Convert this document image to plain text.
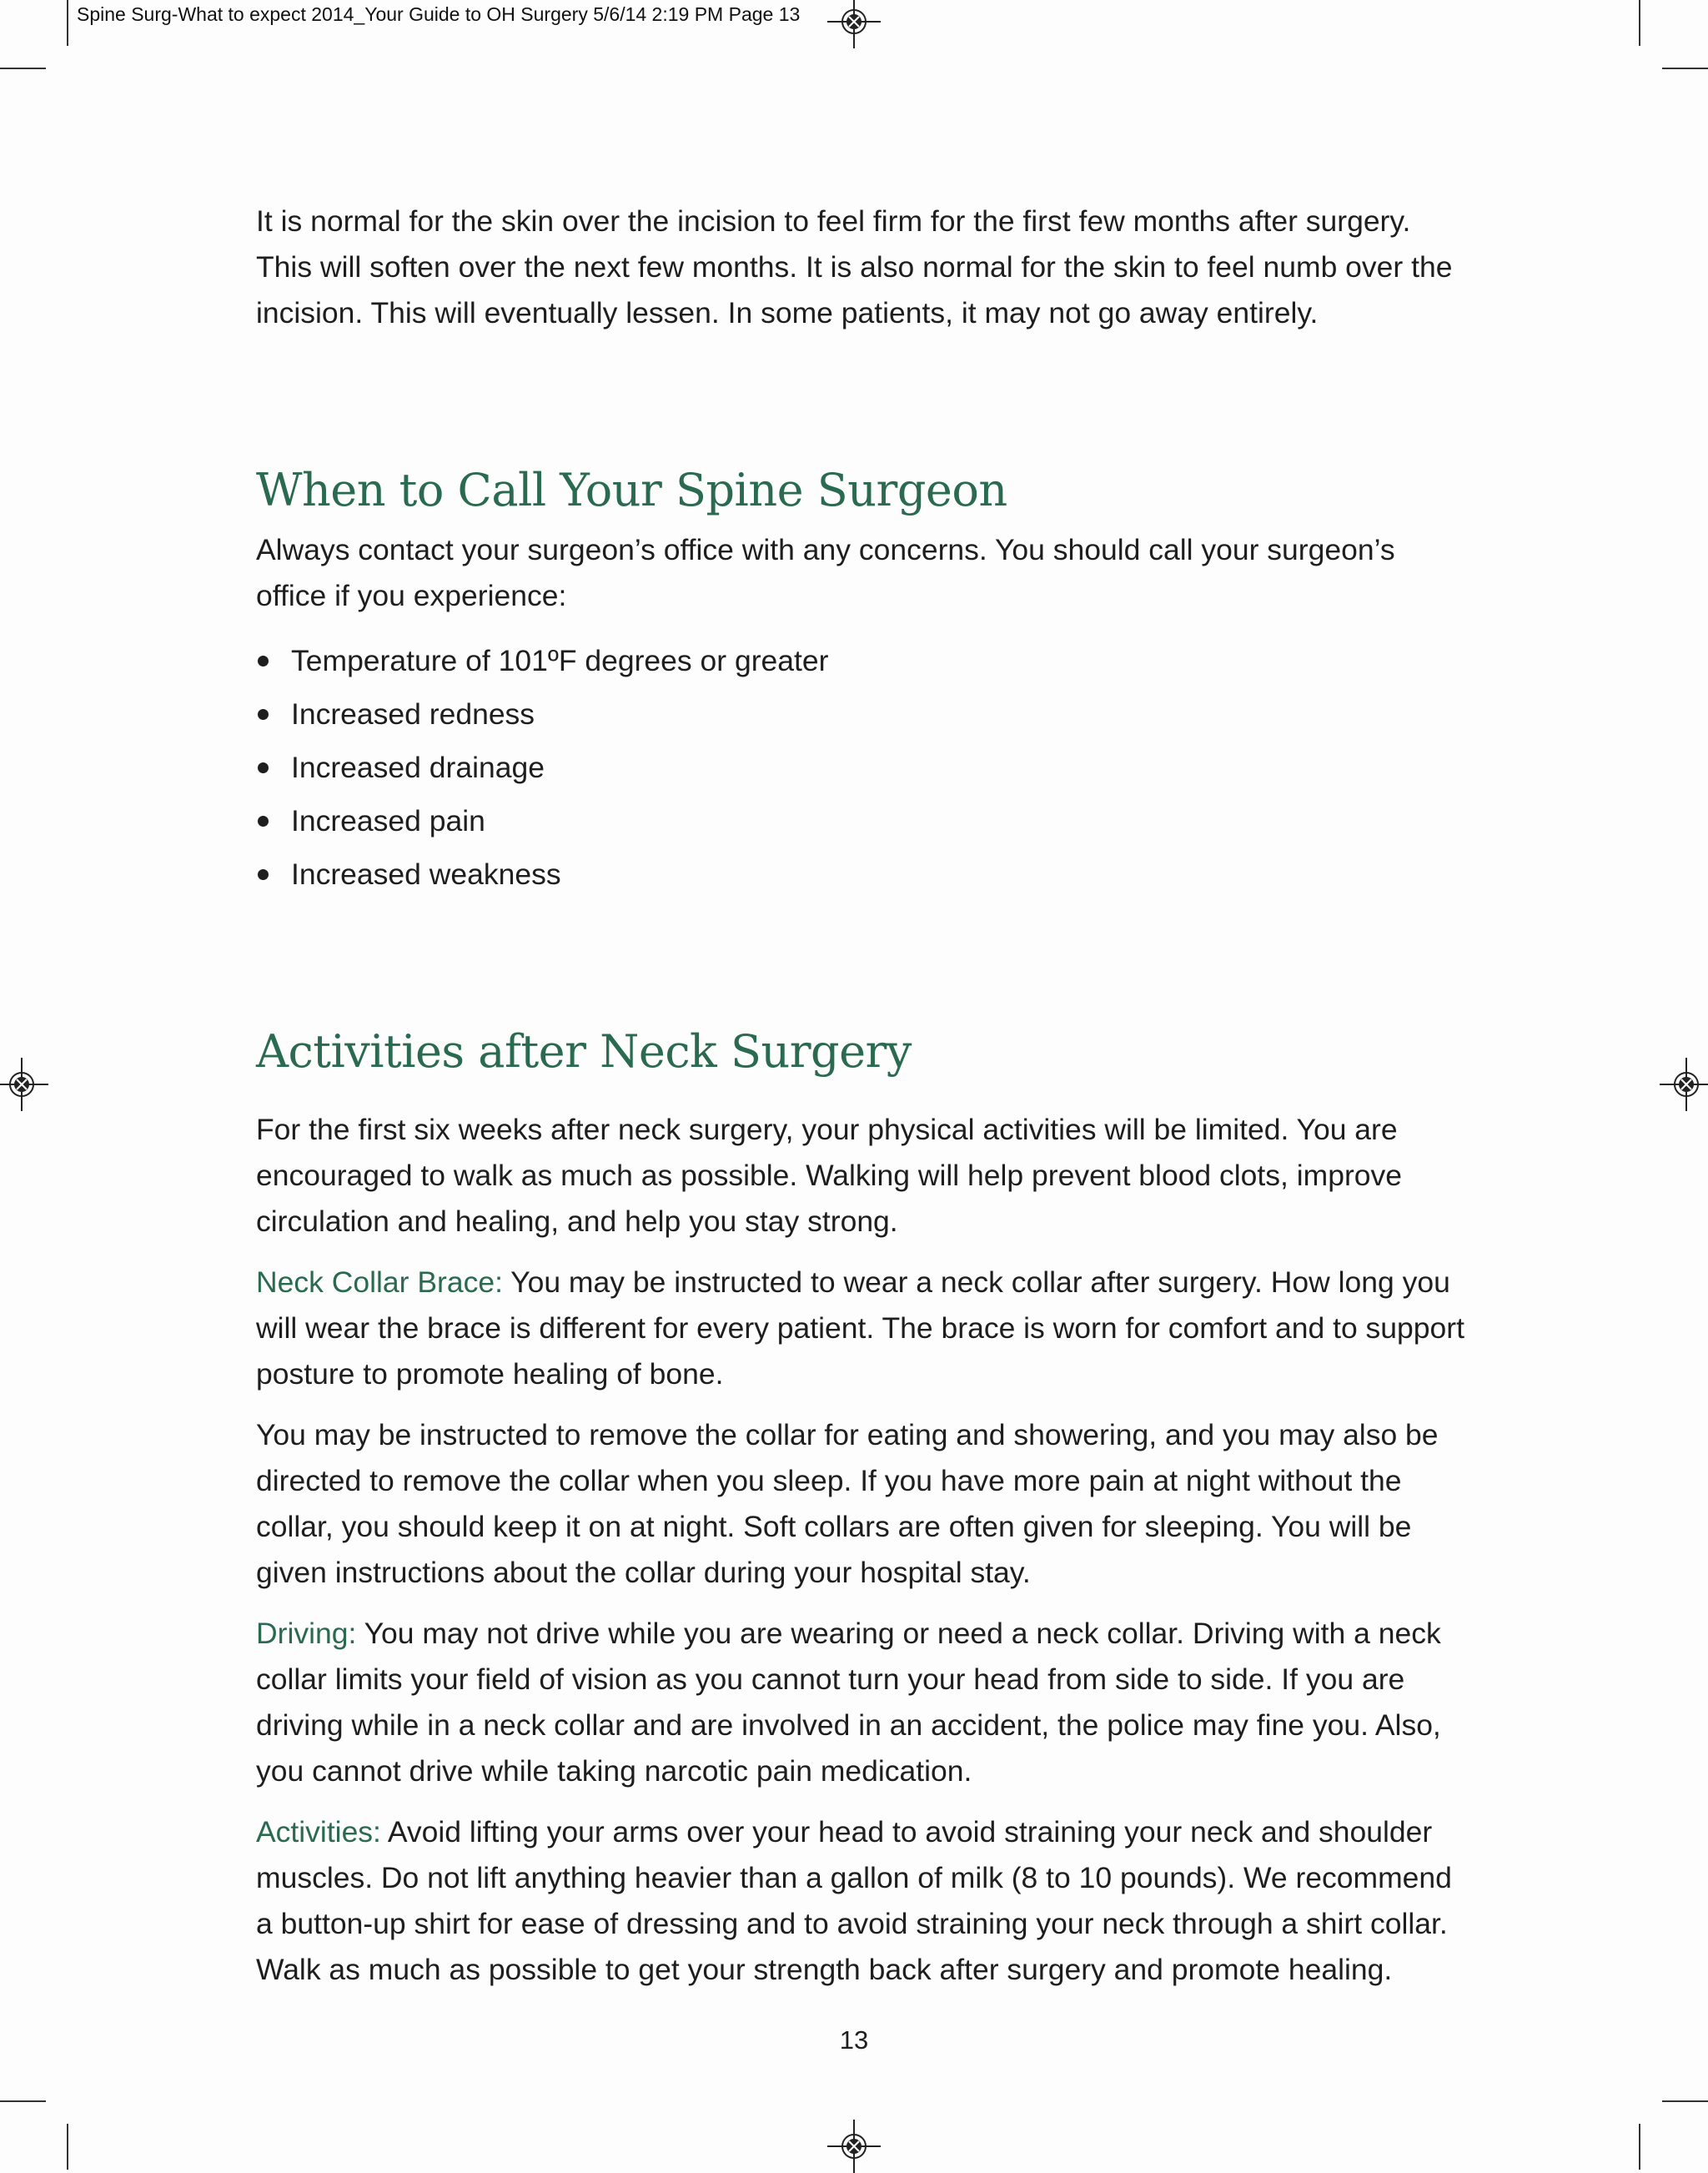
Spine Surg-What to expect 2014_Your Guide to OH Surgery 5/6/14 2:19 PM Page 13

It is normal for the skin over the incision to feel firm for the first few months after surgery. This will soften over the next few months. It is also normal for the skin to feel numb over the incision. This will eventually lessen. In some patients, it may not go away entirely.

When to Call Your Spine Surgeon

Always contact your surgeon’s office with any concerns. You should call your surgeon’s office if you experience:

Temperature of 101ºF degrees or greater
Increased redness
Increased drainage
Increased pain
Increased weakness
Activities after Neck Surgery

For the first six weeks after neck surgery, your physical activities will be limited. You are encouraged to walk as much as possible. Walking will help prevent blood clots, improve circulation and healing, and help you stay strong.

Neck Collar Brace: You may be instructed to wear a neck collar after surgery. How long you will wear the brace is different for every patient. The brace is worn for comfort and to support posture to promote healing of bone.

You may be instructed to remove the collar for eating and showering, and you may also be directed to remove the collar when you sleep. If you have more pain at night without the collar, you should keep it on at night. Soft collars are often given for sleeping. You will be given instructions about the collar during your hospital stay.

Driving: You may not drive while you are wearing or need a neck collar. Driving with a neck collar limits your field of vision as you cannot turn your head from side to side. If you are driving while in a neck collar and are involved in an accident, the police may fine you. Also, you cannot drive while taking narcotic pain medication.

Activities: Avoid lifting your arms over your head to avoid straining your neck and shoulder muscles. Do not lift anything heavier than a gallon of milk (8 to 10 pounds). We recommend a button-up shirt for ease of dressing and to avoid straining your neck through a shirt collar. Walk as much as possible to get your strength back after surgery and promote healing.

13
